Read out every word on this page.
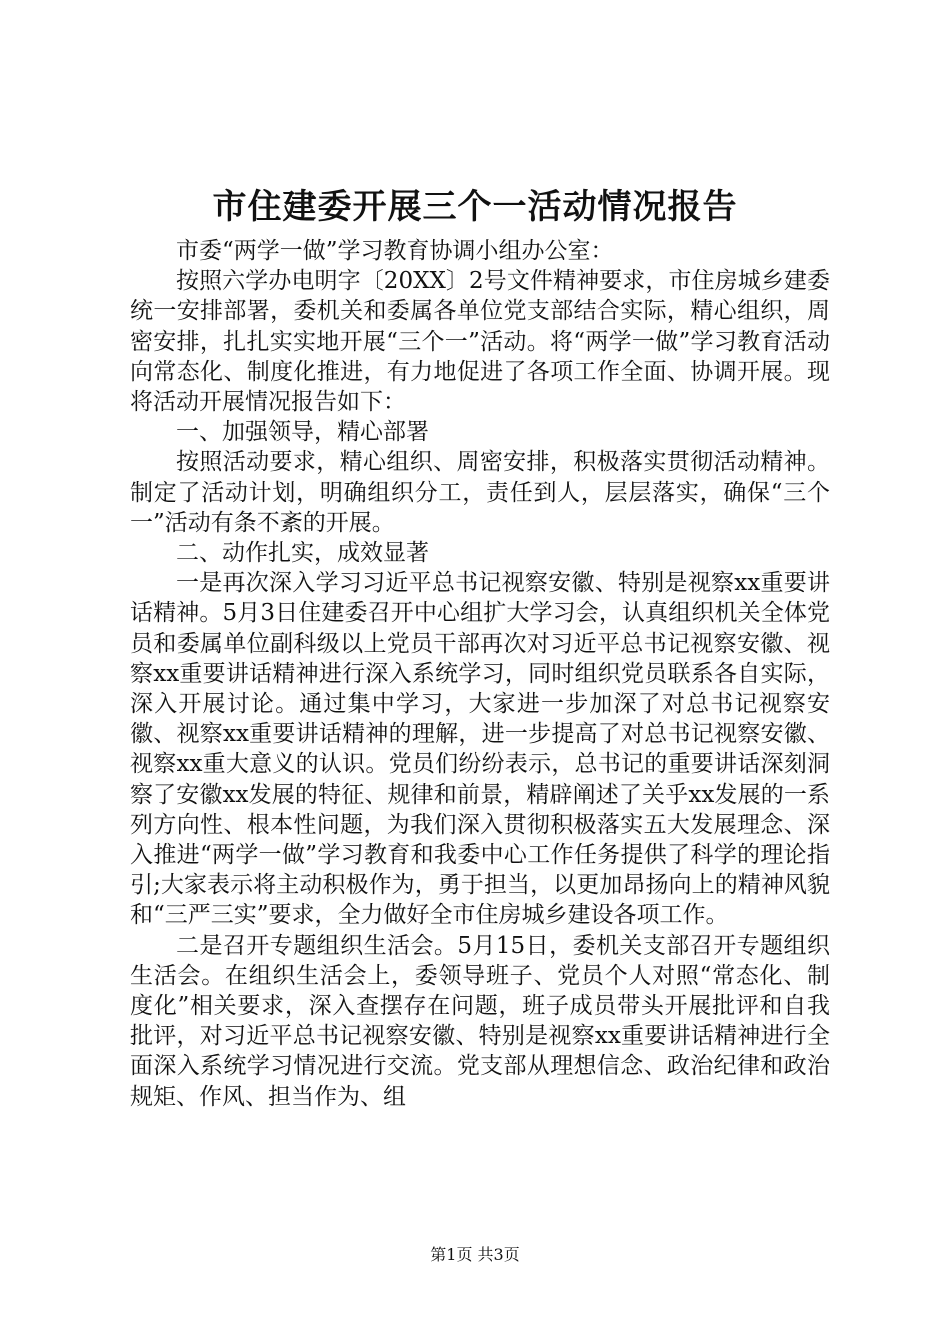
市住建委开展三个一活动情况报告

市委“两学一做”学习教育协调小组办公室：

按照六学办电明字〔20XX〕2号文件精神要求，市住房城乡建委统一安排部署，委机关和委属各单位党支部结合实际，精心组织，周密安排，扎扎实实地开展“三个一”活动。将“两学一做”学习教育活动向常态化、制度化推进，有力地促进了各项工作全面、协调开展。现将活动开展情况报告如下：

一、加强领导，精心部署

按照活动要求，精心组织、周密安排，积极落实贯彻活动精神。制定了活动计划，明确组织分工，责任到人，层层落实，确保“三个一”活动有条不紊的开展。

二、动作扎实，成效显著

一是再次深入学习习近平总书记视察安徽、特别是视察xx重要讲话精神。5月3日住建委召开中心组扩大学习会，认真组织机关全体党员和委属单位副科级以上党员干部再次对习近平总书记视察安徽、视察xx重要讲话精神进行深入系统学习，同时组织党员联系各自实际，深入开展讨论。通过集中学习，大家进一步加深了对总书记视察安徽、视察xx重要讲话精神的理解，进一步提高了对总书记视察安徽、视察xx重大意义的认识。党员们纷纷表示，总书记的重要讲话深刻洞察了安徽xx发展的特征、规律和前景，精辟阐述了关乎xx发展的一系列方向性、根本性问题，为我们深入贯彻积极落实五大发展理念、深入推进“两学一做”学习教育和我委中心工作任务提供了科学的理论指引;大家表示将主动积极作为，勇于担当，以更加昂扬向上的精神风貌和“三严三实”要求，全力做好全市住房城乡建设各项工作。

二是召开专题组织生活会。5月15日，委机关支部召开专题组织生活会。在组织生活会上，委领导班子、党员个人对照“常态化、制度化”相关要求，深入查摆存在问题，班子成员带头开展批评和自我批评，对习近平总书记视察安徽、特别是视察xx重要讲话精神进行全面深入系统学习情况进行交流。党支部从理想信念、政治纪律和政治规矩、作风、担当作为、组

第1页 共3页
